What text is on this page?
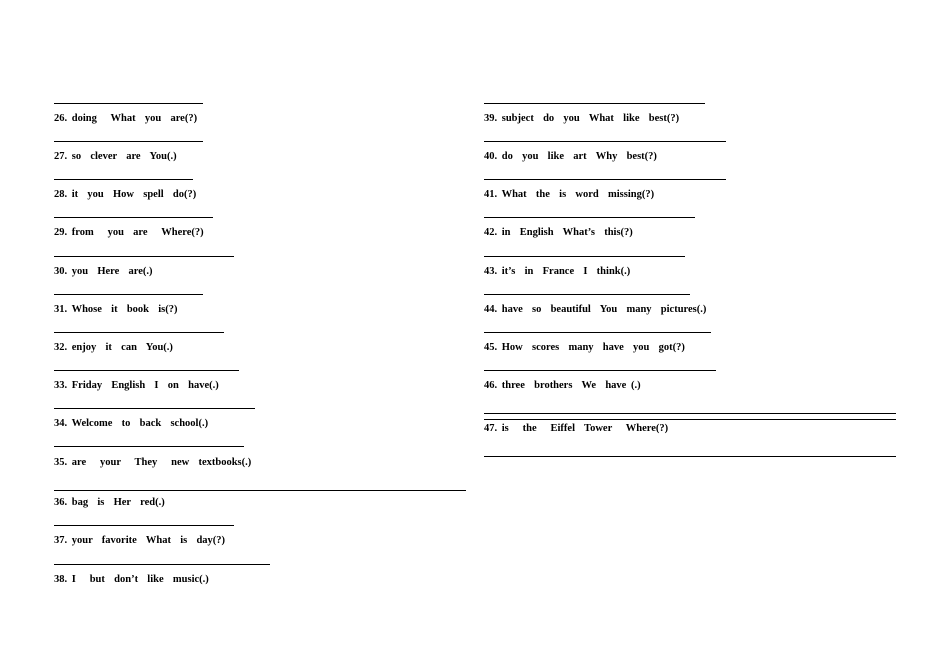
26. doing   What  you  are(?)
27. so  clever  are  You(.)
28. it  you  How  spell  do(?)
29. from   you  are   Where(?)
30. you  Here  are(.)
31. Whose  it  book  is(?)
32. enjoy  it  can  You(.)
33. Friday  English  I  on  have(.)
34. Welcome  to  back  school(.)
35. are   your   They   new  textbooks(.)
36. bag  is  Her  red(.)
37. your  favorite  What  is  day(?)
38. I   but  don’t  like  music(.)
39. subject  do  you  What  like  best(?)
40. do  you  like  art  Why  best(?)
41. What  the  is  word  missing(?)
42. in  English  What’s  this(?)
43. it’s  in  France  I  think(.)
44. have  so  beautiful  You  many  pictures(.)
45. How  scores  many  have  you  got(?)
46. three  brothers  We  have (.)
47. is   the   Eiffel  Tower   Where(?)
